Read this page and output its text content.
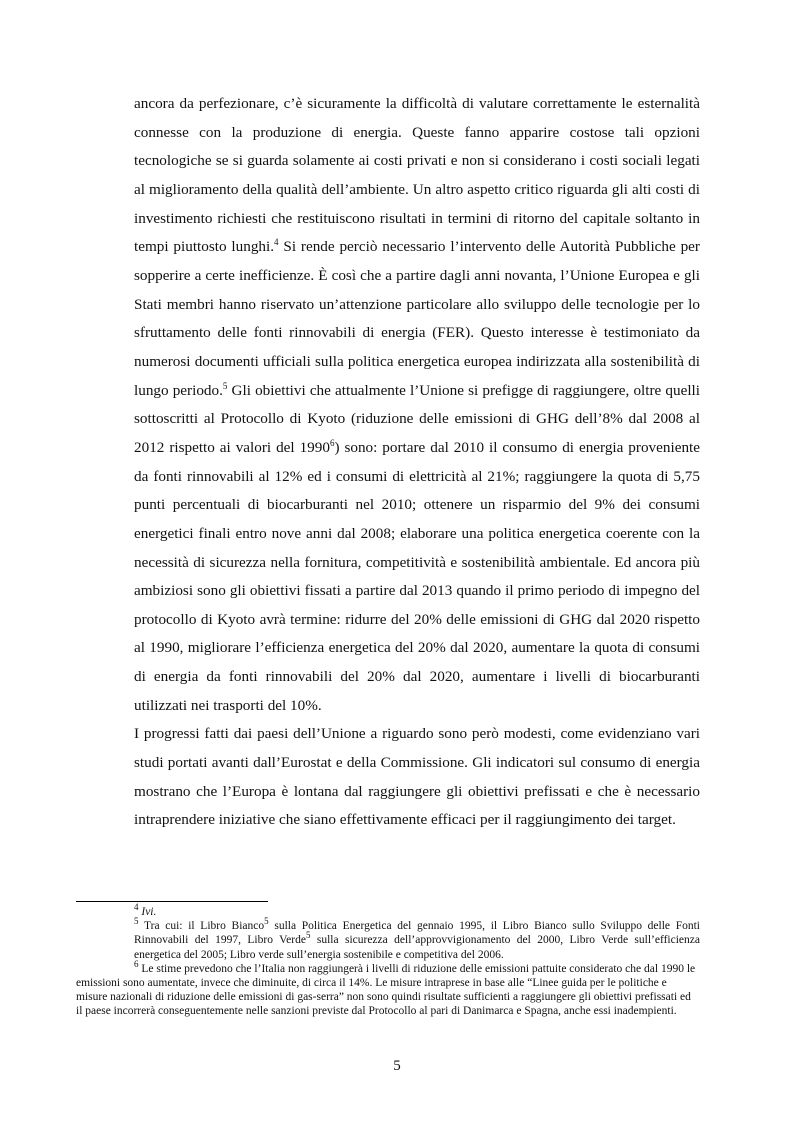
ancora da perfezionare, c’è sicuramente la difficoltà di valutare correttamente le esternalità connesse con la produzione di energia. Queste fanno apparire costose tali opzioni tecnologiche se si guarda solamente ai costi privati e non si considerano i costi sociali legati al miglioramento della qualità dell’ambiente. Un altro aspetto critico riguarda gli alti costi di investimento richiesti che restituiscono risultati in termini di ritorno del capitale soltanto in tempi piuttosto lunghi.$^4$ Si rende perciò necessario l’intervento delle Autorità Pubbliche per sopperire a certe inefficienze. È così che a partire dagli anni novanta, l’Unione Europea e gli Stati membri hanno riservato un’attenzione particolare allo sviluppo delle tecnologie per lo sfruttamento delle fonti rinnovabili di energia (FER). Questo interesse è testimoniato da numerosi documenti ufficiali sulla politica energetica europea indirizzata alla sostenibilità di lungo periodo.$^5$ Gli obiettivi che attualmente l’Unione si prefigge di raggiungere, oltre quelli sottoscritti al Protocollo di Kyoto (riduzione delle emissioni di GHG dell’8% dal 2008 al 2012 rispetto ai valori del 1990$^6$) sono: portare dal 2010 il consumo di energia proveniente da fonti rinnovabili al 12% ed i consumi di elettricità al 21%; raggiungere la quota di 5,75 punti percentuali di biocarburanti nel 2010; ottenere un risparmio del 9% dei consumi energetici finali entro nove anni dal 2008; elaborare una politica energetica coerente con la necessità di sicurezza nella fornitura, competitività e sostenibilità ambientale. Ed ancora più ambiziosi sono gli obiettivi fissati a partire dal 2013 quando il primo periodo di impegno del protocollo di Kyoto avrà termine: ridurre del 20% delle emissioni di GHG dal 2020 rispetto al 1990, migliorare l’efficienza energetica del 20% dal 2020, aumentare la quota di consumi di energia da fonti rinnovabili del 20% dal 2020, aumentare i livelli di biocarburanti utilizzati nei trasporti del 10%.

I progressi fatti dai paesi dell’Unione a riguardo sono però modesti, come evidenziano vari studi portati avanti dall’Eurostat e della Commissione. Gli indicatori sul consumo di energia mostrano che l’Europa è lontana dal raggiungere gli obiettivi prefissati e che è necessario intraprendere iniziative che siano effettivamente efficaci per il raggiungimento dei target.

$^4$ Ivi.

$^5$ Tra cui: il Libro Bianco$^5$ sulla Politica Energetica del gennaio 1995, il Libro Bianco sullo Sviluppo delle Fonti Rinnovabili del 1997, Libro Verde$^5$ sulla sicurezza dell’approvvigionamento del 2000, Libro Verde sull’efficienza energetica del 2005; Libro verde sull’energia sostenibile e competitiva del 2006.

$^6$ Le stime prevedono che l’Italia non raggiungerà i livelli di riduzione delle emissioni pattuite considerato che dal 1990 le emissioni sono aumentate, invece che diminuite, di circa il 14%. Le misure intraprese in base alle “Linee guida per le politiche e misure nazionali di riduzione delle emissioni di gas-serra” non sono quindi risultate sufficienti a raggiungere gli obiettivi prefissati ed il paese incorrerà conseguentemente nelle sanzioni previste dal Protocollo al pari di Danimarca e Spagna, anche essi inadempienti.

5
